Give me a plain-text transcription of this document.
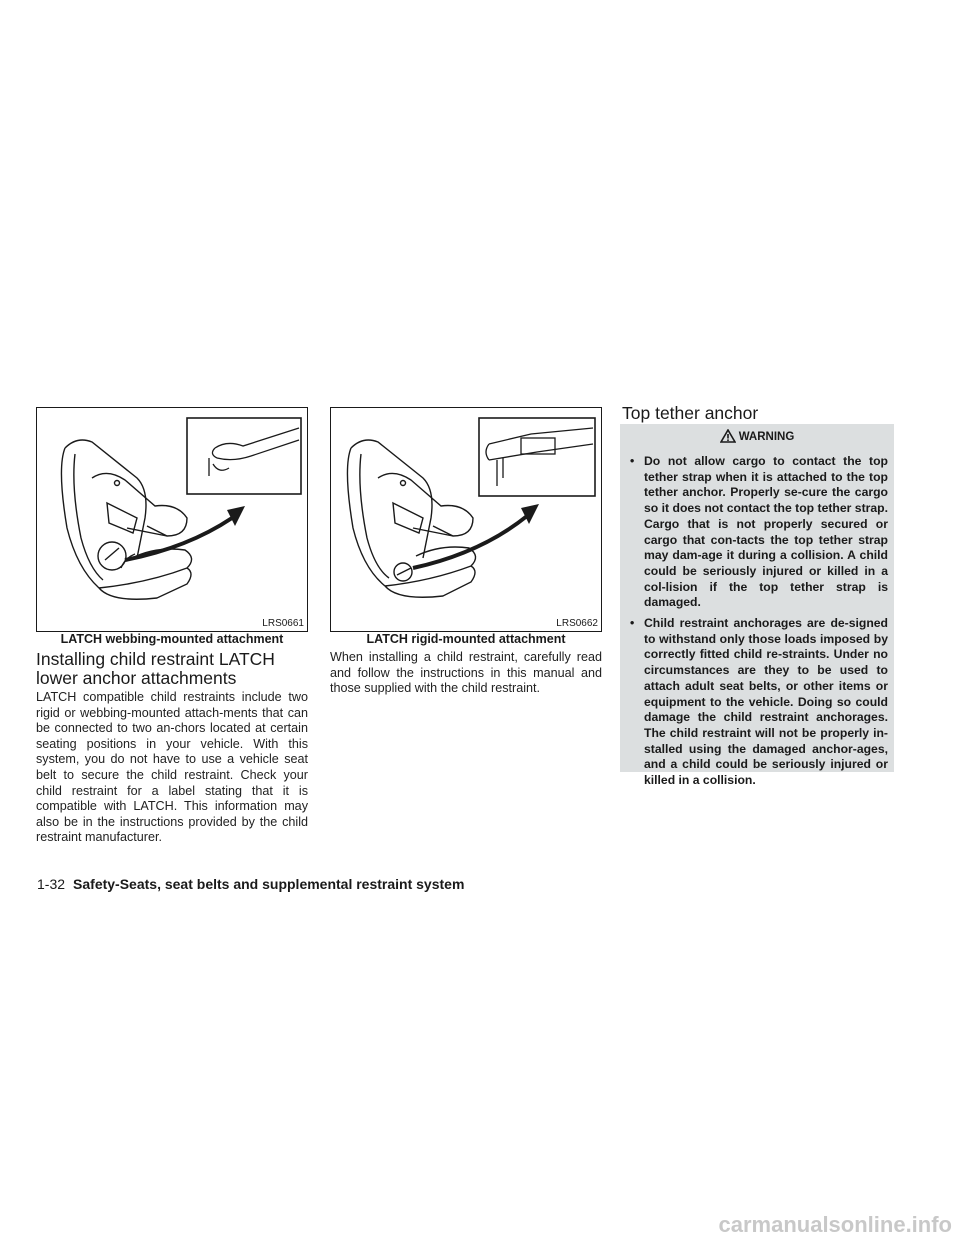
LRS0661
LATCH webbing-mounted attachment
LRS0662
LATCH rigid-mounted attachment
Installing child restraint LATCH
lower anchor attachments
LATCH compatible child restraints include two rigid or webbing-mounted attach-ments that can be connected to two an-chors located at certain seating positions in your vehicle. With this system, you do not have to use a vehicle seat belt to secure the child restraint. Check your child restraint for a label stating that it is compatible with LATCH. This information may also be in the instructions provided by the child restraint manufacturer.
When installing a child restraint, carefully read and follow the instructions in this manual and those supplied with the child restraint.
Top tether anchor
WARNING
• Do not allow cargo to contact the top tether strap when it is attached to the top tether anchor. Properly se-cure the cargo so it does not contact the top tether strap. Cargo that is not properly secured or cargo that con-tacts the top tether strap may dam-age it during a collision. A child could be seriously injured or killed in a col-lision if the top tether strap is damaged.
• Child restraint anchorages are de-signed to withstand only those loads imposed by correctly fitted child re-straints. Under no circumstances are they to be used to attach adult seat belts, or other items or equipment to the vehicle. Doing so could damage the child restraint anchorages. The child restraint will not be properly in-stalled using the damaged anchor-ages, and a child could be seriously injured or killed in a collision.
1-32 Safety-Seats, seat belts and supplemental restraint system
carmanualsonline.info
